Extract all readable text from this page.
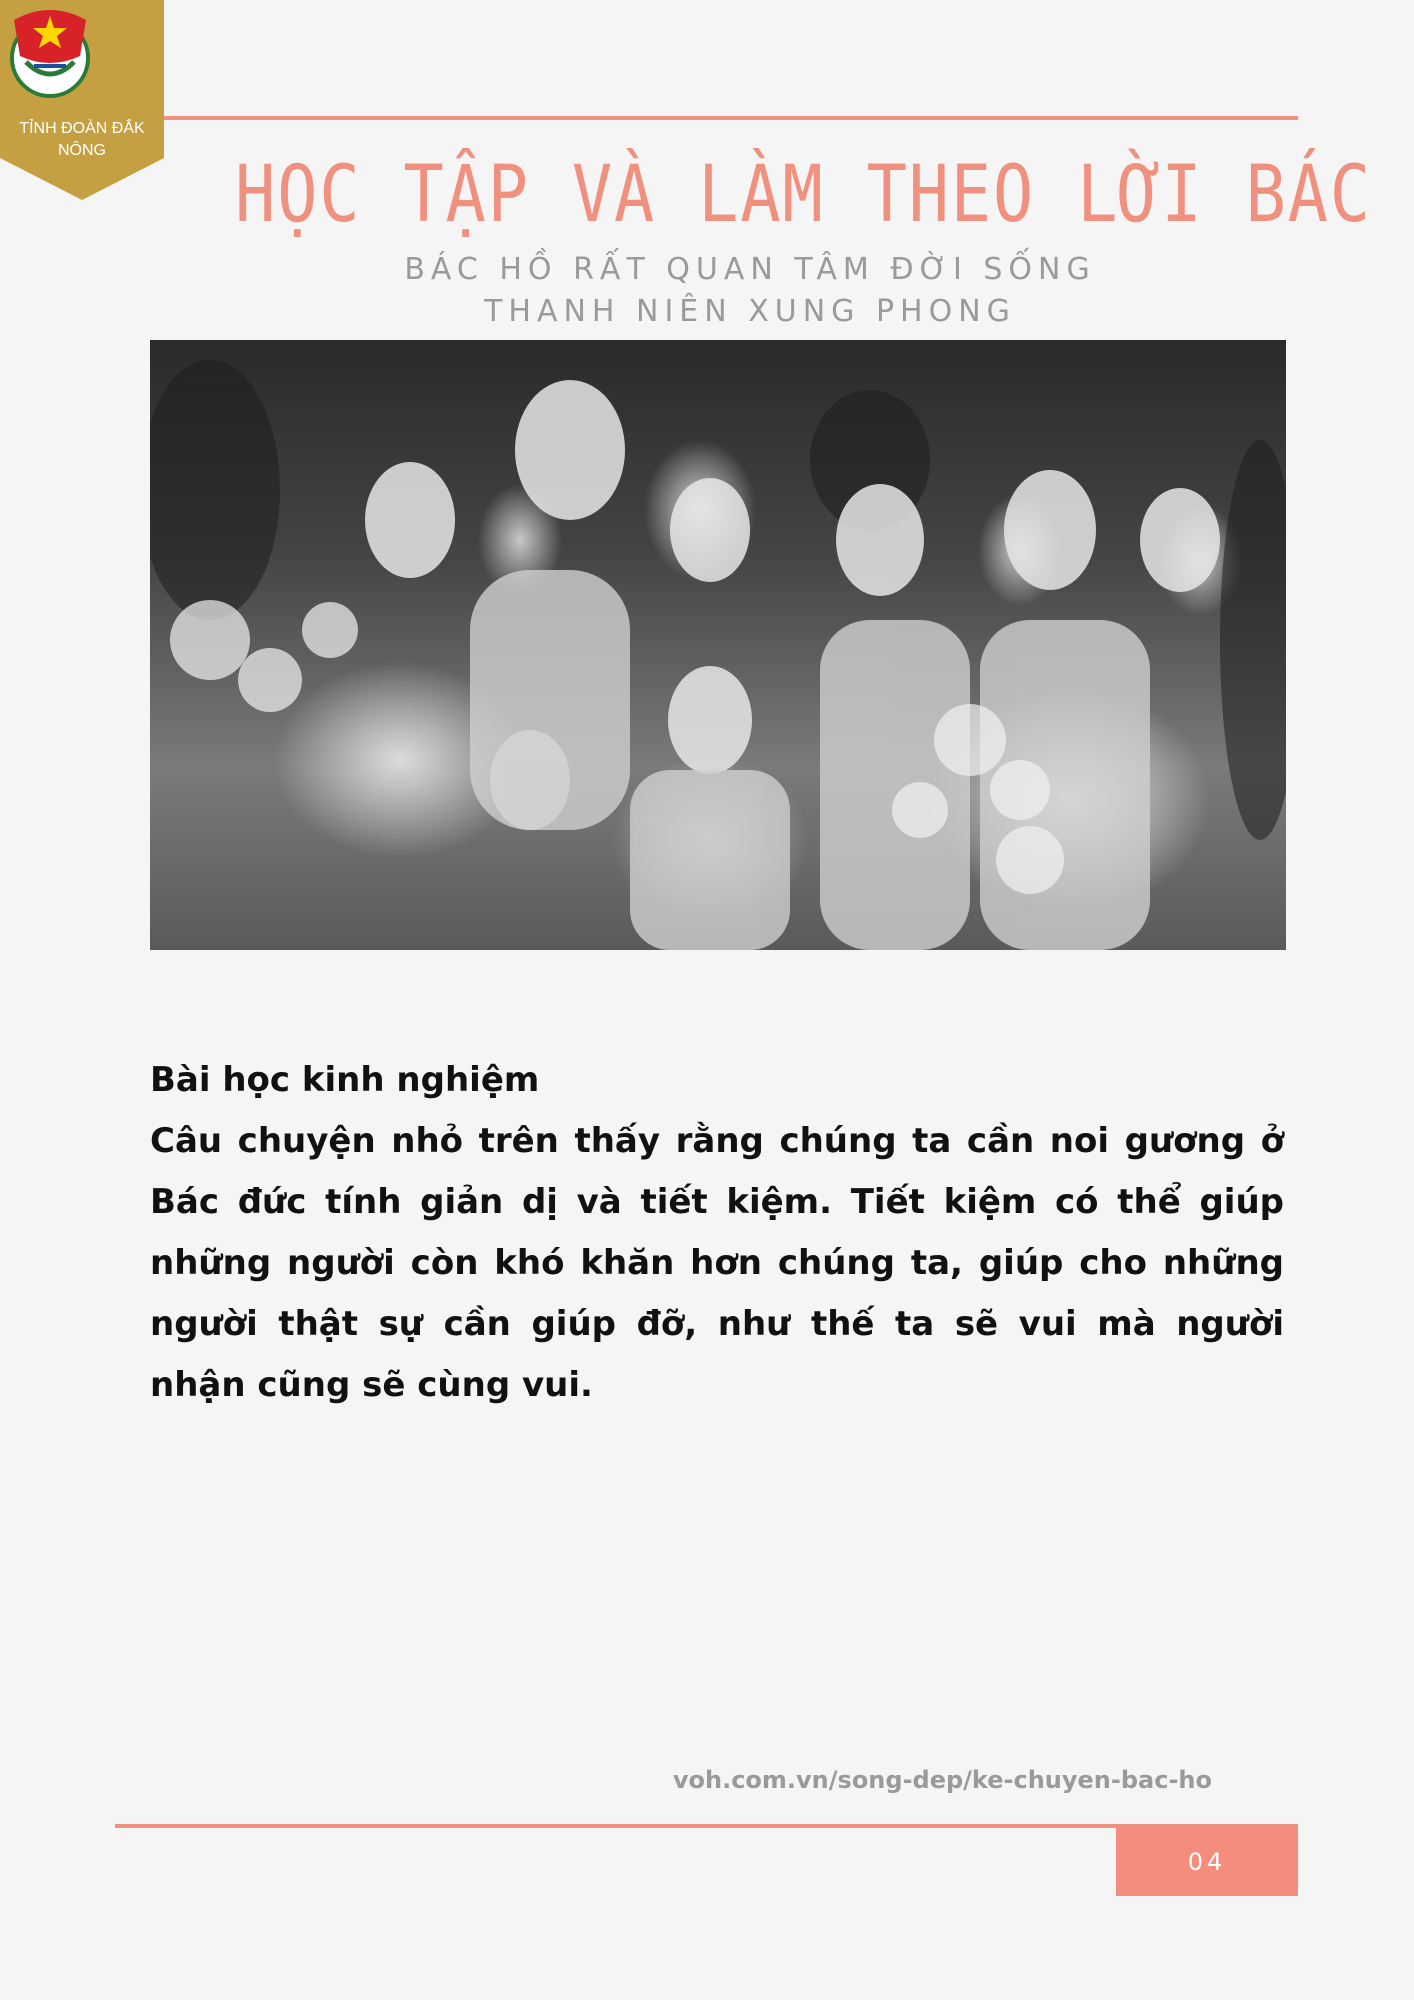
TỈNH ĐOÀN ĐẮK NÔNG	HỌC TẬP VÀ LÀM THEO LỜI BÁC
BÁC HỒ RẤT QUAN TÂM ĐỜI SỐNG
THANH NIÊN XUNG PHONG

Bài học kinh nghiệm

Câu chuyện nhỏ trên thấy rằng chúng ta cần noi gương ở Bác đức tính giản dị và tiết kiệm. Tiết kiệm có thể giúp những người còn khó khăn hơn chúng ta, giúp cho những người thật sự cần giúp đỡ, như thế ta sẽ vui mà người nhận cũng sẽ cùng vui.

voh.com.vn/song-dep/ke-chuyen-bac-ho
04
